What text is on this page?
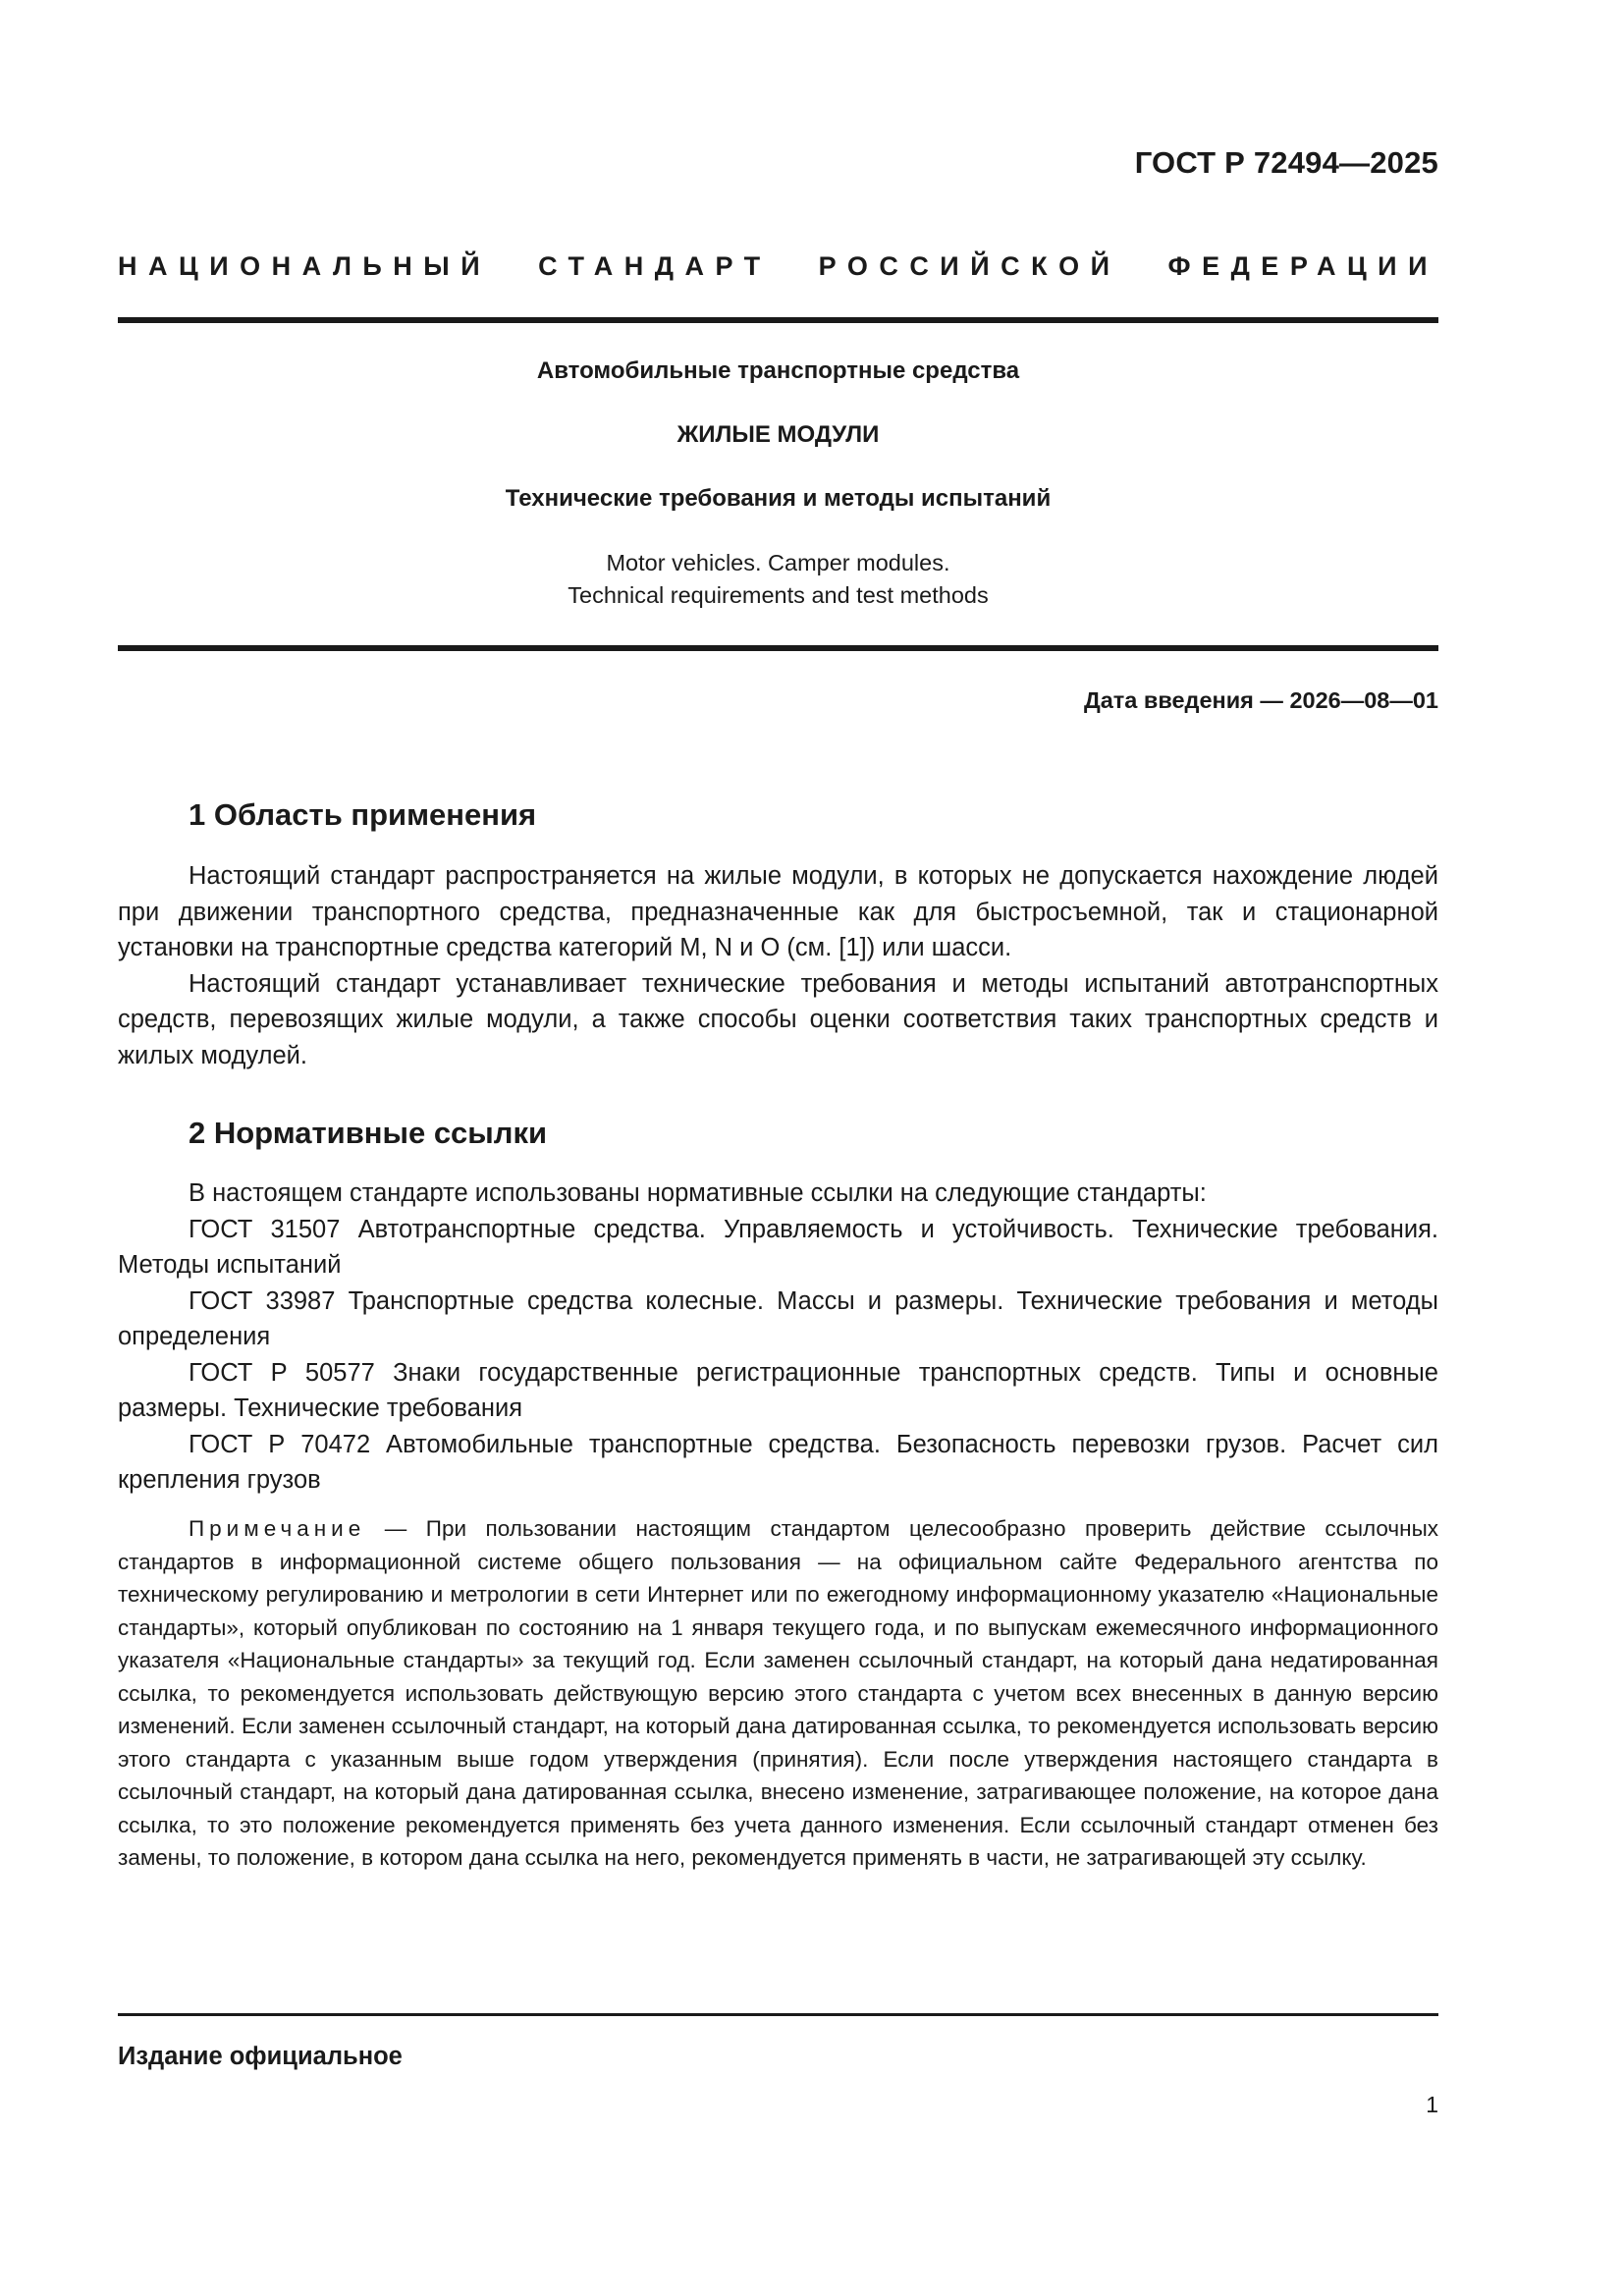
ГОСТ Р 72494—2025
НАЦИОНАЛЬНЫЙ СТАНДАРТ РОССИЙСКОЙ ФЕДЕРАЦИИ
Автомобильные транспортные средства
ЖИЛЫЕ МОДУЛИ
Технические требования и методы испытаний
Motor vehicles. Camper modules.
Technical requirements and test methods
Дата введения — 2026—08—01
1 Область применения

Настоящий стандарт распространяется на жилые модули, в которых не допускается нахождение людей при движении транспортного средства, предназначенные как для быстросъемной, так и стационарной установки на транспортные средства категорий M, N и O (см. [1]) или шасси.

Настоящий стандарт устанавливает технические требования и методы испытаний автотранспортных средств, перевозящих жилые модули, а также способы оценки соответствия таких транспортных средств и жилых модулей.

2 Нормативные ссылки

В настоящем стандарте использованы нормативные ссылки на следующие стандарты:

ГОСТ 31507 Автотранспортные средства. Управляемость и устойчивость. Технические требования. Методы испытаний

ГОСТ 33987 Транспортные средства колесные. Массы и размеры. Технические требования и методы определения

ГОСТ Р 50577 Знаки государственные регистрационные транспортных средств. Типы и основные размеры. Технические требования

ГОСТ Р 70472 Автомобильные транспортные средства. Безопасность перевозки грузов. Расчет сил крепления грузов

Примечание — При пользовании настоящим стандартом целесообразно проверить действие ссылочных стандартов в информационной системе общего пользования — на официальном сайте Федерального агентства по техническому регулированию и метрологии в сети Интернет или по ежегодному информационному указателю «Национальные стандарты», который опубликован по состоянию на 1 января текущего года, и по выпускам ежемесячного информационного указателя «Национальные стандарты» за текущий год. Если заменен ссылочный стандарт, на который дана недатированная ссылка, то рекомендуется использовать действующую версию этого стандарта с учетом всех внесенных в данную версию изменений. Если заменен ссылочный стандарт, на который дана датированная ссылка, то рекомендуется использовать версию этого стандарта с указанным выше годом утверждения (принятия). Если после утверждения настоящего стандарта в ссылочный стандарт, на который дана датированная ссылка, внесено изменение, затрагивающее положение, на которое дана ссылка, то это положение рекомендуется применять без учета данного изменения. Если ссылочный стандарт отменен без замены, то положение, в котором дана ссылка на него, рекомендуется применять в части, не затрагивающей эту ссылку.
Издание официальное
1
